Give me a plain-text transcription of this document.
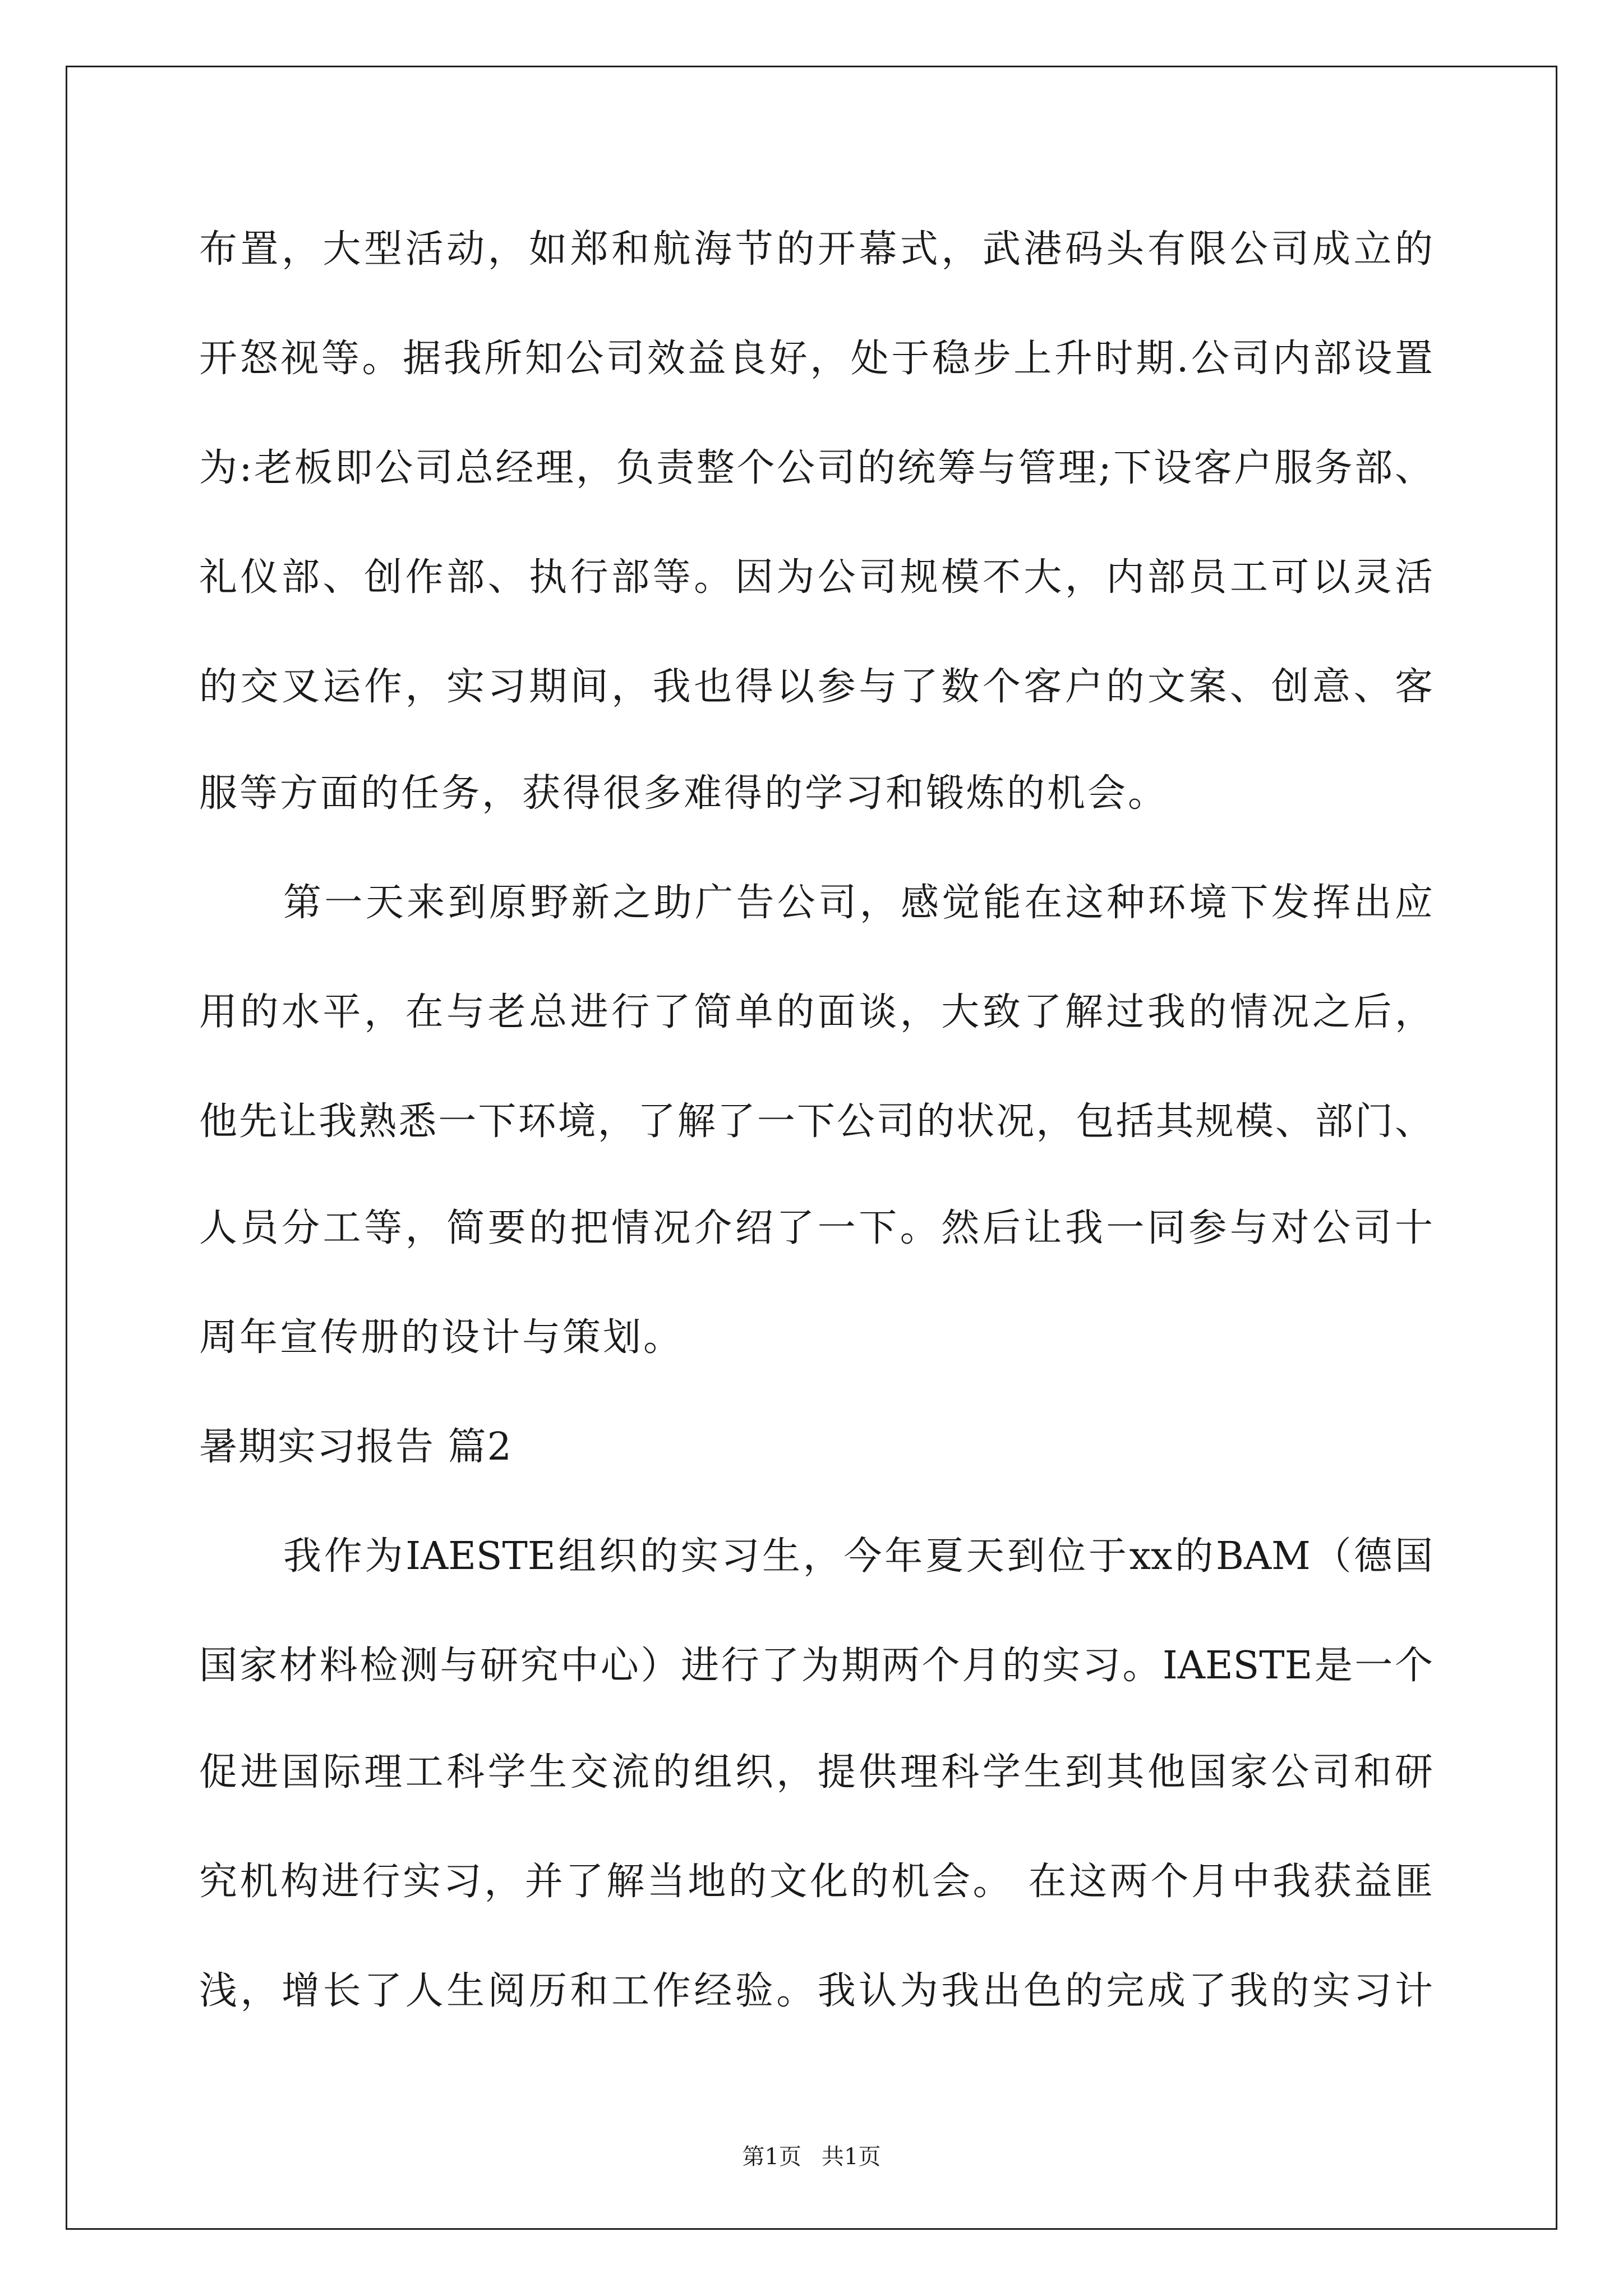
布置，大型活动，如郑和航海节的开幕式，武港码头有限公司成立的
开怒视等。据我所知公司效益良好，处于稳步上升时期.公司内部设置
为:老板即公司总经理，负责整个公司的统筹与管理;下设客户服务部、
礼仪部、创作部、执行部等。因为公司规模不大，内部员工可以灵活
的交叉运作，实习期间，我也得以参与了数个客户的文案、创意、客
服等方面的任务，获得很多难得的学习和锻炼的机会。
第一天来到原野新之助广告公司，感觉能在这种环境下发挥出应
用的水平，在与老总进行了简单的面谈，大致了解过我的情况之后，
他先让我熟悉一下环境，了解了一下公司的状况，包括其规模、部门、
人员分工等，简要的把情况介绍了一下。然后让我一同参与对公司十
周年宣传册的设计与策划。
暑期实习报告 篇2
我作为IAESTE组织的实习生，今年夏天到位于xx的BAM（德国
国家材料检测与研究中心）进行了为期两个月的实习。IAESTE是一个
促进国际理工科学生交流的组织，提供理科学生到其他国家公司和研
究机构进行实习，并了解当地的文化的机会。 在这两个月中我获益匪
浅，增长了人生阅历和工作经验。我认为我出色的完成了我的实习计
第1页 共1页
